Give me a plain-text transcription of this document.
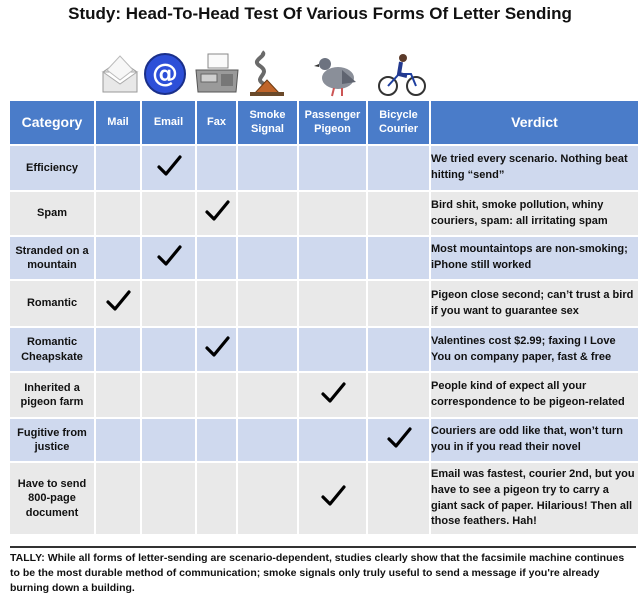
Study: Head-To-Head Test Of Various Forms Of Letter Sending
@
Category	Mail	Email	Fax	Smoke Signal	Passenger Pigeon	Bicycle Courier	Verdict
Efficiency							We tried every scenario. Nothing beat hitting “send”
Spam							Bird shit, smoke pollution, whiny couriers, spam: all irritating spam
Stranded on a mountain							Most mountaintops are non-smoking; iPhone still worked
Romantic							Pigeon close second; can’t trust a bird if you want to guarantee sex
Romantic Cheapskate							Valentines cost $2.99; faxing I Love You on company paper, fast & free
Inherited a pigeon farm							People kind of expect all your correspondence to be pigeon-related
Fugitive from justice							Couriers are odd like that, won’t turn you in if you read their novel
Have to send 800-page document							Email was fastest, courier 2nd, but you have to see a pigeon try to carry a giant sack of paper. Hilarious! Then all those feathers. Hah!
TALLY: While all forms of letter-sending are scenario-dependent, studies clearly show that the facsimile machine continues to be the most durable method of communication; smoke signals only truly useful to send a message if you're already burning down a building.
